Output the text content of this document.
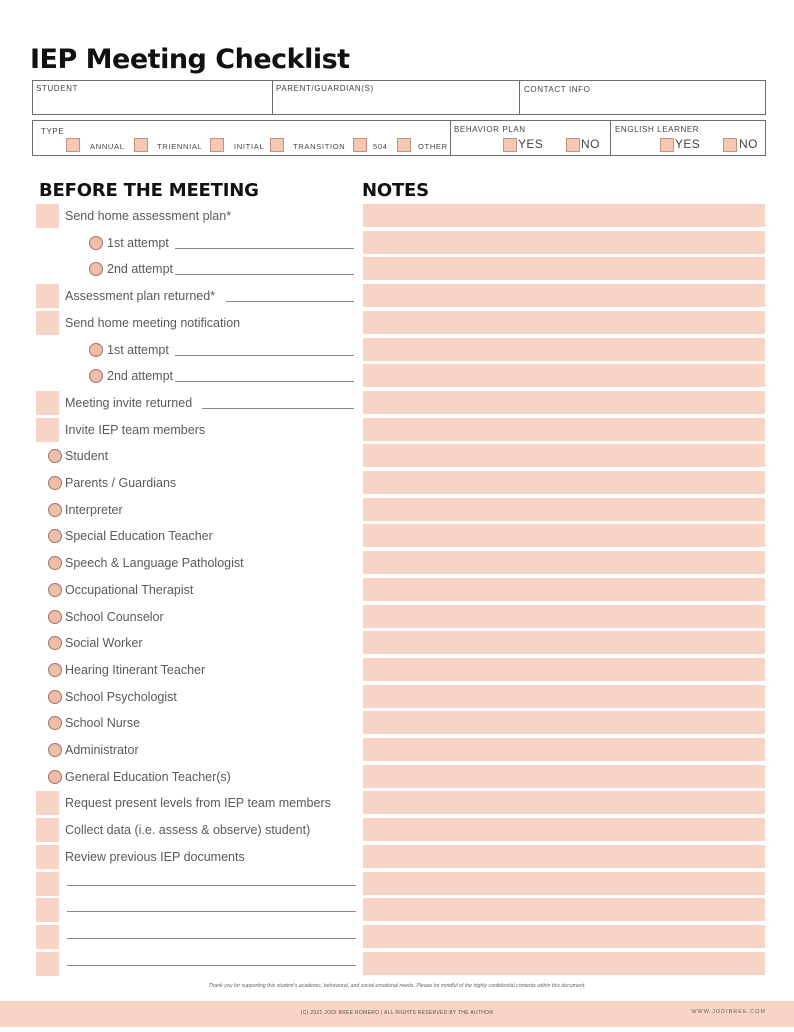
IEP Meeting Checklist
STUDENT	PARENT/GUARDIAN(S)	CONTACT INFO
TYPE
ANNUAL	TRIENNIAL	INITIAL	TRANSITION	504	OTHER
BEHAVIOR PLAN
YES	NO
ENGLISH LEARNER
YES	NO
BEFORE THE MEETING	NOTES
Send home assessment plan*
1st attempt
2nd attempt
Assessment plan returned*
Send home meeting notification
1st attempt
2nd attempt
Meeting invite returned
Invite IEP team members
Student
Parents / Guardians
Interpreter
Special Education Teacher
Speech & Language Pathologist
Occupational Therapist
School Counselor
Social Worker
Hearing Itinerant Teacher
School Psychologist
School Nurse
Administrator
General Education Teacher(s)
Request present levels from IEP team members
Collect data (i.e. assess & observe) student)
Review previous IEP documents
Thank you for supporting this student's academic, behavioral, and social emotional needs. Please be mindful of the highly confidential contents within this document.
(C) 2021 JODI BREE ROMERO | ALL RIGHTS RESERVED BY THE AUTHOR	WWW.JODIBREE.COM
